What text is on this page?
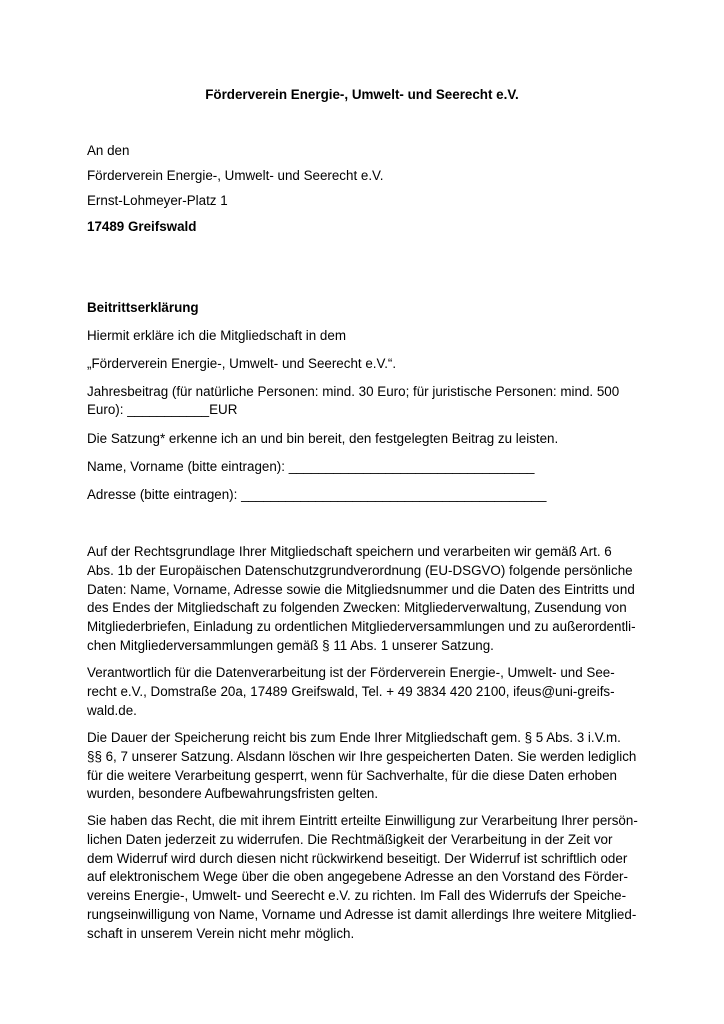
Förderverein Energie-, Umwelt- und Seerecht e.V.
An den
Förderverein Energie-, Umwelt- und Seerecht e.V.
Ernst-Lohmeyer-Platz 1
17489 Greifswald
Beitrittserklärung
Hiermit erkläre ich die Mitgliedschaft in dem
„Förderverein Energie-, Umwelt- und Seerecht e.V.“.
Jahresbeitrag (für natürliche Personen: mind. 30 Euro; für juristische Personen: mind. 500
Euro): ___________EUR
Die Satzung* erkenne ich an und bin bereit, den festgelegten Beitrag zu leisten.
Name, Vorname (bitte eintragen): _________________________________
Adresse (bitte eintragen): _________________________________________
Auf der Rechtsgrundlage Ihrer Mitgliedschaft speichern und verarbeiten wir gemäß Art. 6
Abs. 1b der Europäischen Datenschutzgrundverordnung (EU-DSGVO) folgende persönliche
Daten: Name, Vorname, Adresse sowie die Mitgliedsnummer und die Daten des Eintritts und
des Endes der Mitgliedschaft zu folgenden Zwecken: Mitgliederverwaltung, Zusendung von
Mitgliederbriefen, Einladung zu ordentlichen Mitgliederversammlungen und zu außerordentli-
chen Mitgliederversammlungen gemäß § 11 Abs. 1 unserer Satzung.
Verantwortlich für die Datenverarbeitung ist der Förderverein Energie-, Umwelt- und See-
recht e.V., Domstraße 20a, 17489 Greifswald, Tel. + 49 3834 420 2100, ifeus@uni-greifs-
wald.de.
Die Dauer der Speicherung reicht bis zum Ende Ihrer Mitgliedschaft gem. § 5 Abs. 3 i.V.m.
§§ 6, 7 unserer Satzung. Alsdann löschen wir Ihre gespeicherten Daten. Sie werden lediglich
für die weitere Verarbeitung gesperrt, wenn für Sachverhalte, für die diese Daten erhoben
wurden, besondere Aufbewahrungsfristen gelten.
Sie haben das Recht, die mit ihrem Eintritt erteilte Einwilligung zur Verarbeitung Ihrer persön-
lichen Daten jederzeit zu widerrufen. Die Rechtmäßigkeit der Verarbeitung in der Zeit vor
dem Widerruf wird durch diesen nicht rückwirkend beseitigt. Der Widerruf ist schriftlich oder
auf elektronischem Wege über die oben angegebene Adresse an den Vorstand des Förder-
vereins Energie-, Umwelt- und Seerecht e.V. zu richten. Im Fall des Widerrufs der Speiche-
rungseinwilligung von Name, Vorname und Adresse ist damit allerdings Ihre weitere Mitglied-
schaft in unserem Verein nicht mehr möglich.
